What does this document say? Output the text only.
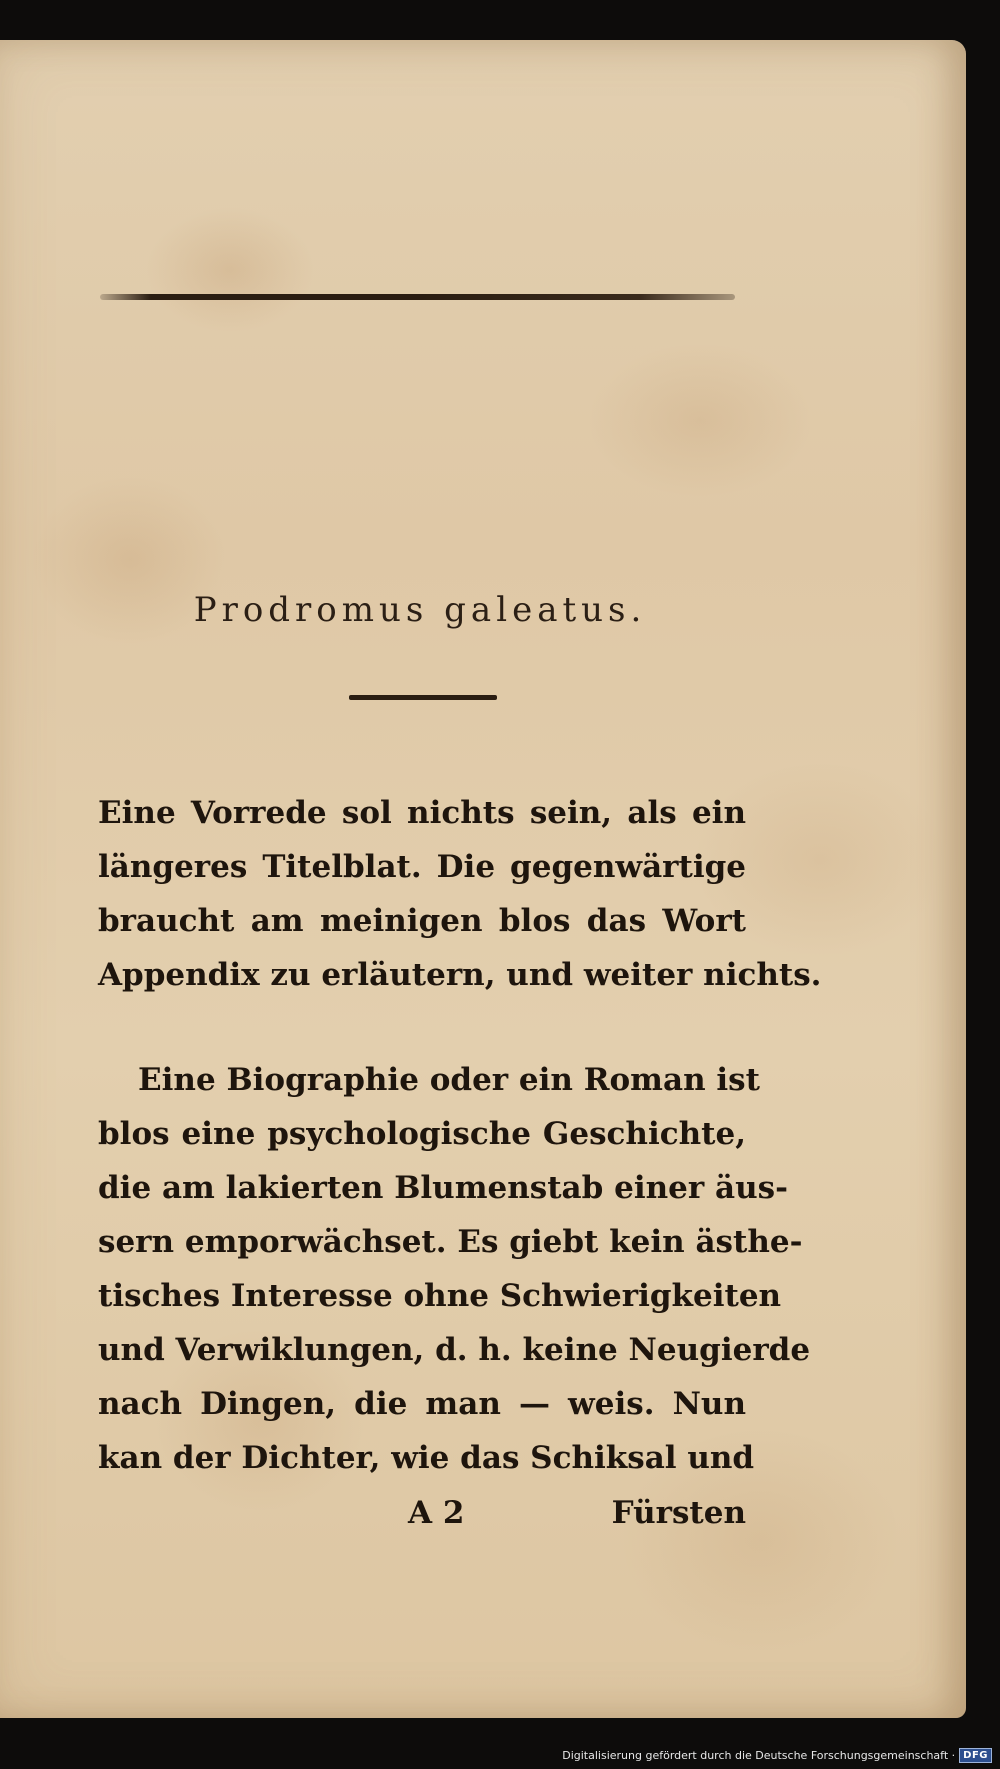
Prodromus galeatus.
Eine Vorrede sol nichts sein, als ein
längeres Titelblat. Die gegenwärtige
braucht am meinigen blos das Wort
Appendix zu erläutern, und weiter nichts.
Eine Biographie oder ein Roman ist
blos eine psychologische Geschichte,
die am lakierten Blumenstab einer äus-
sern emporwächset. Es giebt kein ästhe-
tisches Interesse ohne Schwierigkeiten
und Verwiklungen, d. h. keine Neugierde
nach Dingen, die man — weis. Nun
kan der Dichter, wie das Schiksal und
A 2	Fürsten
Digitalisierung gefördert durch die Deutsche Forschungsgemeinschaft · DFG
